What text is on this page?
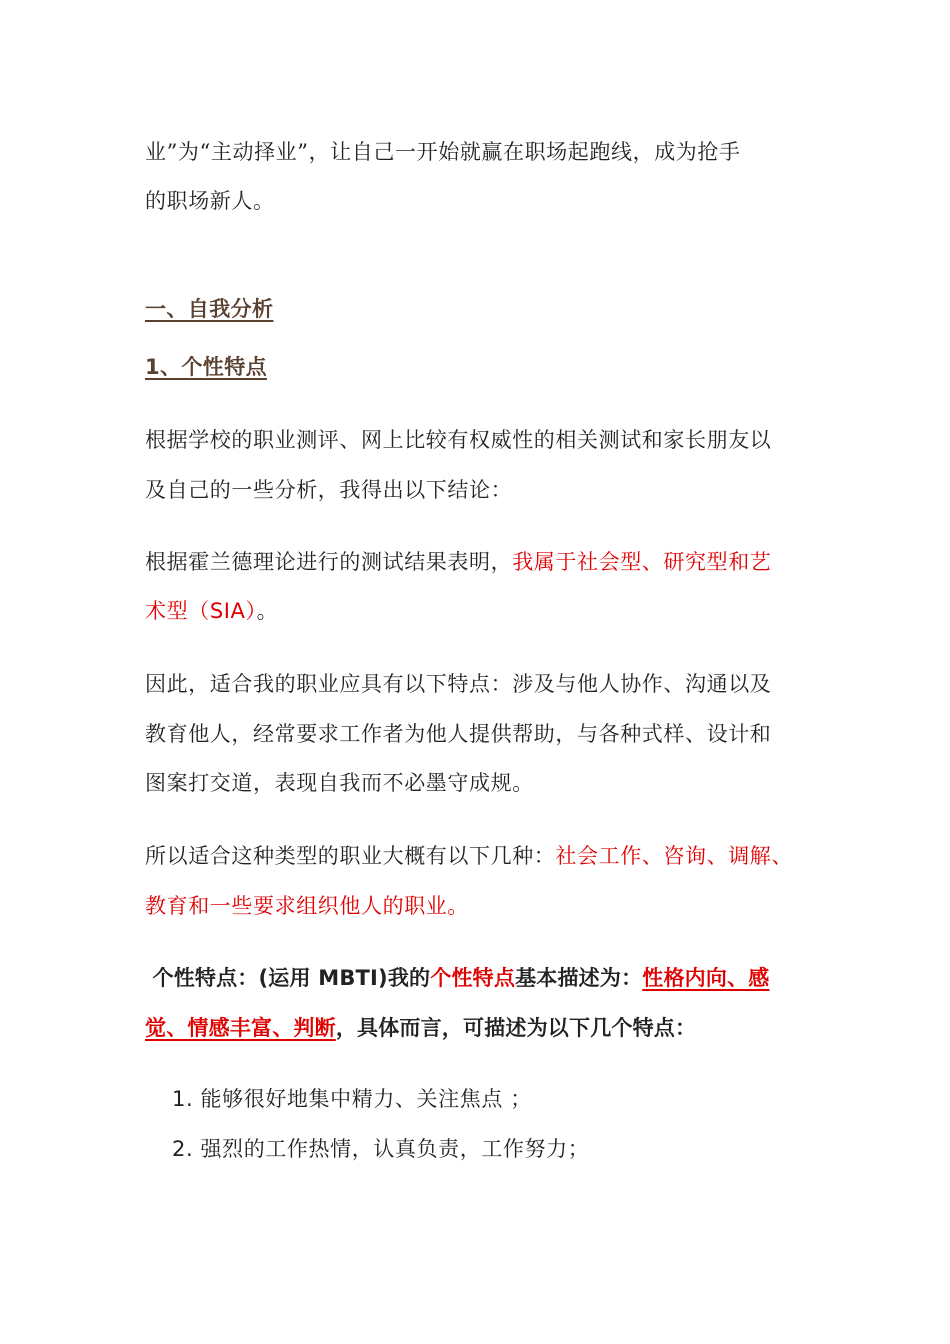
业”为“主动择业”，让自己一开始就赢在职场起跑线，成为抢手

的职场新人。

一、自我分析

1、个性特点

根据学校的职业测评、网上比较有权威性的相关测试和家长朋友以

及自己的一些分析，我得出以下结论：

根据霍兰德理论进行的测试结果表明，我属于社会型、研究型和艺

术型（SIA）。

因此，适合我的职业应具有以下特点：涉及与他人协作、沟通以及

教育他人，经常要求工作者为他人提供帮助，与各种式样、设计和

图案打交道，表现自我而不必墨守成规。

所以适合这种类型的职业大概有以下几种：社会工作、咨询、调解、

教育和一些要求组织他人的职业。

个性特点：(运用 MBTI)我的个性特点基本描述为：性格内向、感

觉、情感丰富、判断，具体而言，可描述为以下几个特点：

1. 能够很好地集中精力、关注焦点 ；

2. 强烈的工作热情，认真负责，工作努力；
